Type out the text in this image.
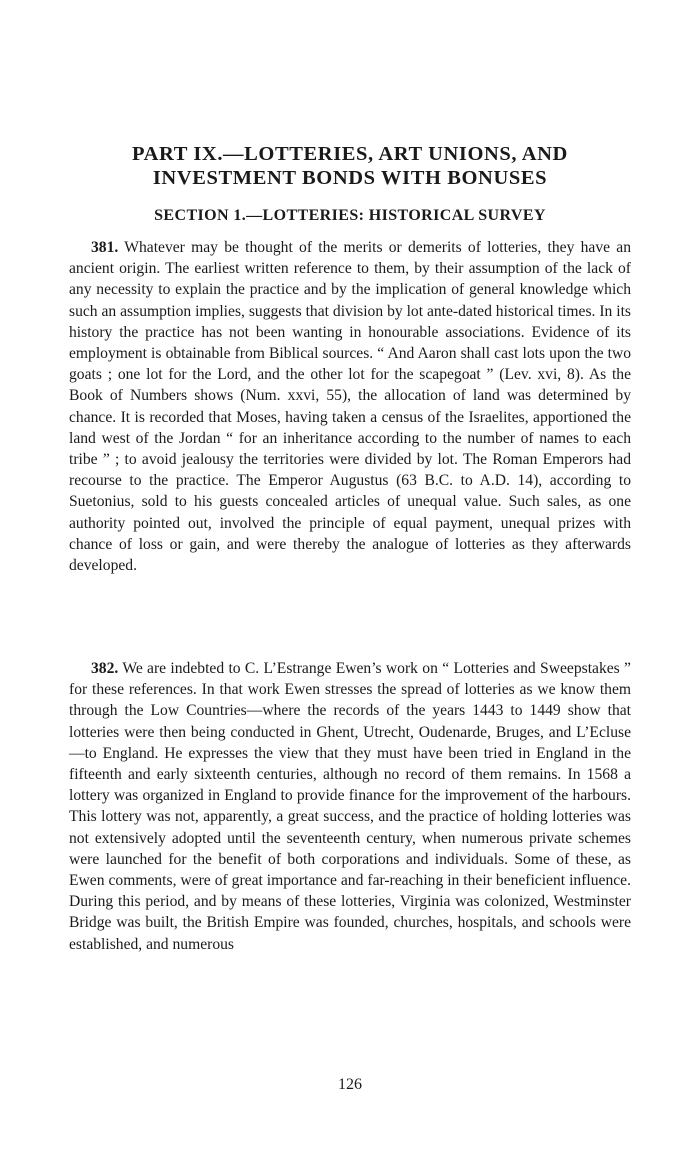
PART IX.—LOTTERIES, ART UNIONS, AND
INVESTMENT BONDS WITH BONUSES
SECTION 1.—LOTTERIES: HISTORICAL SURVEY

381. Whatever may be thought of the merits or demerits of lotteries, they have an ancient origin. The earliest written reference to them, by their assumption of the lack of any necessity to explain the practice and by the implication of general knowledge which such an assumption implies, suggests that division by lot ante-dated historical times. In its history the practice has not been wanting in honourable associations. Evidence of its employment is obtainable from Biblical sources. “ And Aaron shall cast lots upon the two goats ; one lot for the Lord, and the other lot for the scapegoat ” (Lev. xvi, 8). As the Book of Numbers shows (Num. xxvi, 55), the allocation of land was determined by chance. It is recorded that Moses, having taken a census of the Israelites, apportioned the land west of the Jordan “ for an inheritance according to the number of names to each tribe ” ; to avoid jealousy the territories were divided by lot. The Roman Emperors had recourse to the practice. The Emperor Augustus (63 B.C. to A.D. 14), according to Suetonius, sold to his guests concealed articles of unequal value. Such sales, as one authority pointed out, involved the principle of equal payment, unequal prizes with chance of loss or gain, and were thereby the analogue of lotteries as they afterwards developed.

382. We are indebted to C. L’Estrange Ewen’s work on “ Lotteries and Sweepstakes ” for these references. In that work Ewen stresses the spread of lotteries as we know them through the Low Countries—where the records of the years 1443 to 1449 show that lotteries were then being conducted in Ghent, Utrecht, Oudenarde, Bruges, and L’Ecluse—to England. He expresses the view that they must have been tried in England in the fifteenth and early sixteenth centuries, although no record of them remains. In 1568 a lottery was organized in England to provide finance for the improvement of the harbours. This lottery was not, apparently, a great success, and the practice of holding lotteries was not extensively adopted until the seventeenth century, when numerous private schemes were launched for the benefit of both corporations and individuals. Some of these, as Ewen comments, were of great importance and far-reaching in their beneficient influence. During this period, and by means of these lotteries, Virginia was colonized, Westminster Bridge was built, the British Empire was founded, churches, hospitals, and schools were established, and numerous

126
